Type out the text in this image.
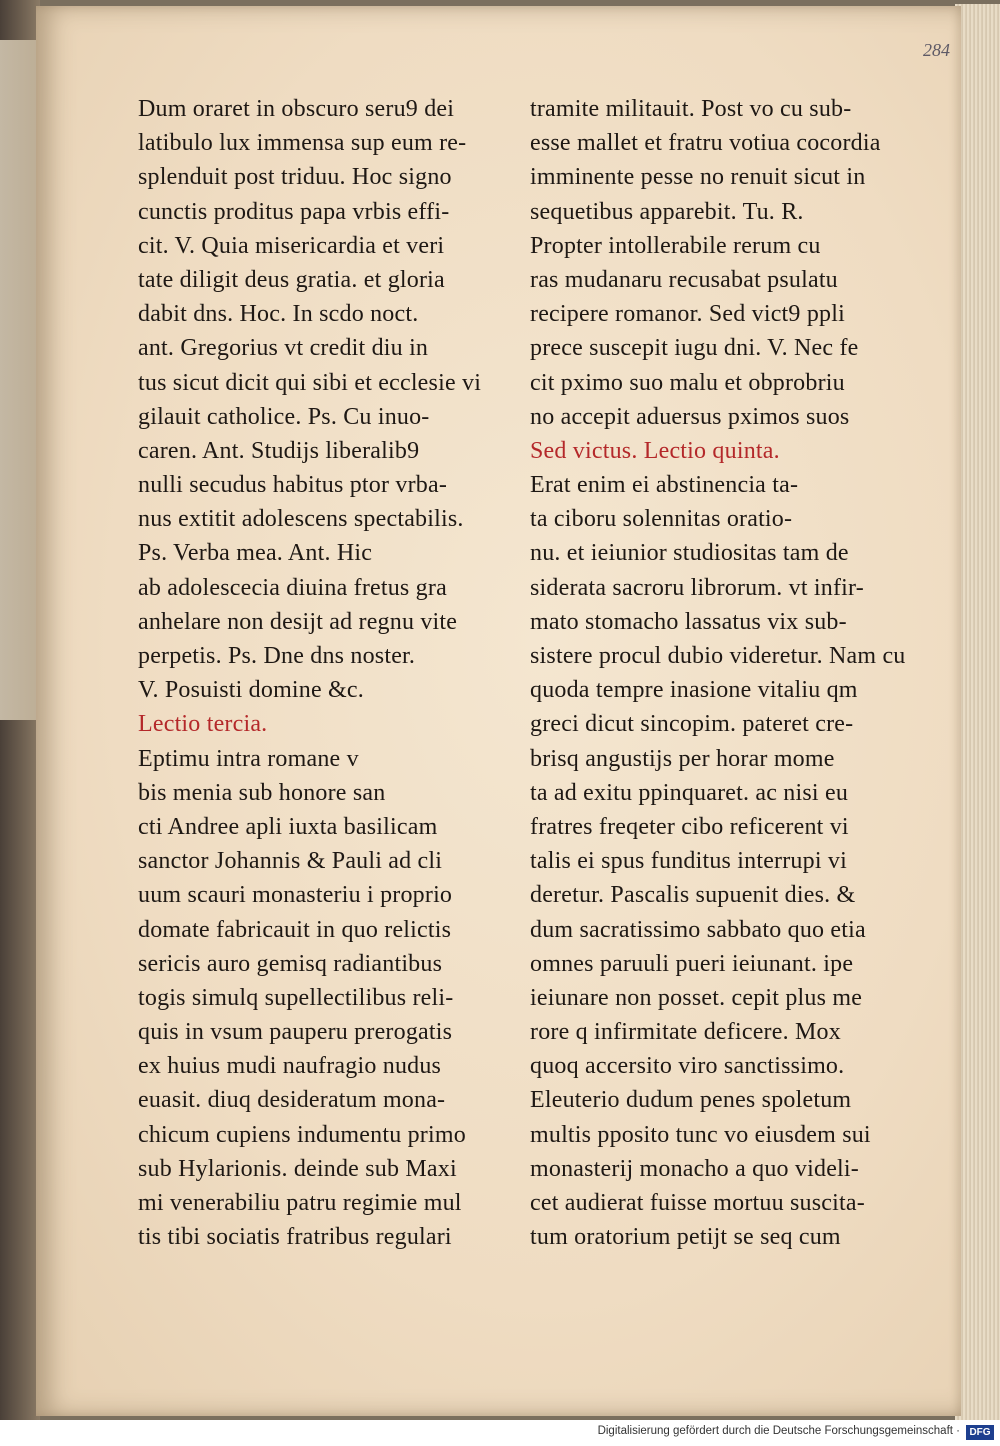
284
Dum oraret in obscuro seru9 dei
latibulo lux immensa sup eum re-
splenduit post triduu. Hoc signo
cunctis proditus papa vrbis effi-
cit. V. Quia misericardia et veri
tate diligit deus gratia. et gloria
dabit dns. Hoc. In scdo noct.
ant. Gregorius vt credit diu in
tus sicut dicit qui sibi et ecclesie vi
gilauit catholice. Ps. Cu inuo-
caren. Ant. Studijs liberalib9
nulli secudus habitus ptor vrba-
nus extitit adolescens spectabilis.
Ps. Verba mea. Ant. Hic
ab adolescecia diuina fretus gra
anhelare non desijt ad regnu vite
perpetis. Ps. Dne dns noster.
V. Posuisti domine &c.
Lectio tercia.
Eptimu intra romane v
bis menia sub honore san
cti Andree apli iuxta basilicam
sanctor Johannis & Pauli ad cli
uum scauri monasteriu i proprio
domate fabricauit in quo relictis
sericis auro gemisq radiantibus
togis simulq supellectilibus reli-
quis in vsum pauperu prerogatis
ex huius mudi naufragio nudus
euasit. diuq desideratum mona-
chicum cupiens indumentu primo
sub Hylarionis. deinde sub Maxi
mi venerabiliu patru regimie mul
tis tibi sociatis fratribus regulari
tramite militauit. Post vo cu sub-
esse mallet et fratru votiua cocordia
imminente pesse no renuit sicut in
sequetibus apparebit. Tu. R.
Propter intollerabile rerum cu
ras mudanaru recusabat psulatu
recipere romanor. Sed vict9 ppli
prece suscepit iugu dni. V. Nec fe
cit pximo suo malu et obprobriu
no accepit aduersus pximos suos
Sed victus. Lectio quinta.
Erat enim ei abstinencia ta-
ta ciboru solennitas oratio-
nu. et ieiunior studiositas tam de
siderata sacroru librorum. vt infir-
mato stomacho lassatus vix sub-
sistere procul dubio videretur. Nam cu
quoda tempre inasione vitaliu qm
greci dicut sincopim. pateret cre-
brisq angustijs per horar mome
ta ad exitu ppinquaret. ac nisi eu
fratres freqeter cibo reficerent vi
talis ei spus funditus interrupi vi
deretur. Pascalis supuenit dies. &
dum sacratissimo sabbato quo etia
omnes paruuli pueri ieiunant. ipe
ieiunare non posset. cepit plus me
rore q infirmitate deficere. Mox
quoq accersito viro sanctissimo.
Eleuterio dudum penes spoletum
multis pposito tunc vo eiusdem sui
monasterij monacho a quo videli-
cet audierat fuisse mortuu suscita-
tum oratorium petijt se seq cum
Digitalisierung gefördert durch die Deutsche Forschungsgemeinschaft · DFG
